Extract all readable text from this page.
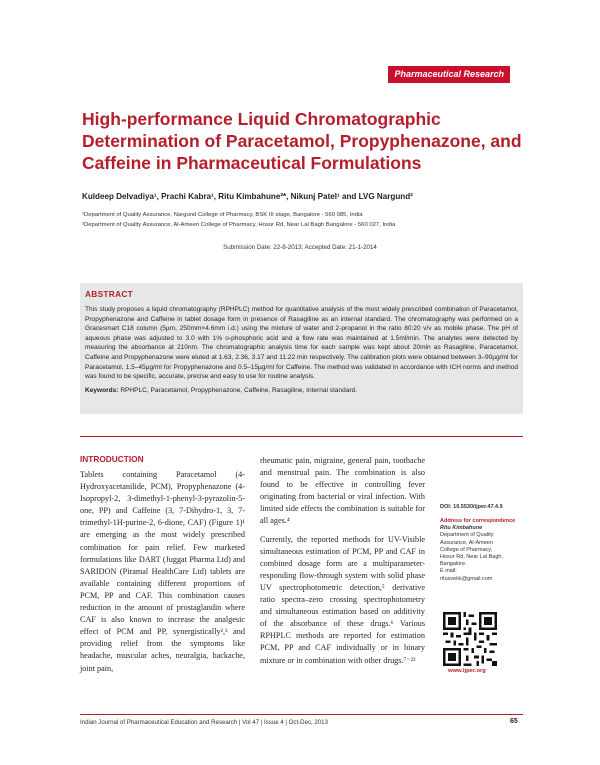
Pharmaceutical Research
High-performance Liquid Chromatographic Determination of Paracetamol, Propyphenazone, and Caffeine in Pharmaceutical Formulations
Kuldeep Delvadiya¹, Prachi Kabra¹, Ritu Kimbahune²*, Nikunj Patel¹ and LVG Nargund²
¹Department of Quality Assurance, Nargund College of Pharmacy, BSK III stage, Bangalore - 560 085, India
²Department of Quality Assurance, Al-Ameen College of Pharmacy, Hosur Rd, Near Lal Bagh Bangalore - 560 027, India
Submission Date: 22-8-2013; Accepted Date: 21-1-2014
ABSTRACT

This study proposes a liquid chromatography (RPHPLC) method for quantitative analysis of the most widely prescribed combination of Paracetamol, Propyphenazone and Caffeine in tablet dosage form in presence of Rasagiline as an internal standard. The chromatography was performed on a Gracesmart C18 column (5µm, 250mm×4.6mm i.d.) using the mixture of water and 2-propanol in the ratio 80:20 v/v as mobile phase. The pH of aqueous phase was adjusted to 3.0 with 1% o-phosphoric acid and a flow rate was maintained at 1.5ml/min. The analytes were detected by measuring the absorbance at 210nm. The chromatographic analysis time for each sample was kept about 20min as Rasagiline, Paracetamol, Caffeine and Propyphenazone were eluted at 1.63, 2.36, 3.17 and 11.22 min respectively. The calibration plots were obtained between 3–90µg/ml for Paracetamol, 1.5–45µg/ml for Propyphenazone and 0.5–15µg/ml for Caffeine. The method was validated in accordance with ICH norms and method was found to be specific, accurate, precise and easy to use for routine analysis.

Keywords: RPHPLC, Paracetamol, Propyphenazone, Caffeine, Rasagiline, Internal standard.

INTRODUCTION
Tablets containing Paracetamol (4-Hydroxyacetanilide, PCM), Propyphenazone (4-Isopropyl-2, 3-dimethyl-1-phenyl-3-pyrazolin-5-one, PP) and Caffeine (3, 7-Dihydro-1, 3, 7-trimethyl-1H-purine-2, 6-dione, CAF) (Figure 1)¹ are emerging as the most widely prescribed combination for pain relief. Few marketed formulations like DART (Juggat Pharma Ltd) and SARIDON (Piramal HealthCare Ltd) tablets are available containing different proportions of PCM, PP and CAF. This combination causes reduction in the amount of prostaglandin where CAF is also known to increase the analgesic effect of PCM and PP, synergistically²,³ and providing relief from the symptoms like headache, muscular aches, neuralgia, backache, joint pain,

rheumatic pain, migraine, general pain, toothache and menstrual pain. The combination is also found to be effective in controlling fever originating from bacterial or viral infection. With limited side effects the combination is suitable for all ages.⁴

Currently, the reported methods for UV-Visible simultaneous estimation of PCM, PP and CAF in combined dosage form are a multiparameter-responding flow-through system with solid phase UV spectrophotometric detection,⁵ derivative ratio spectra–zero crossing spectrophotometry and simultaneous estimation based on additivity of the absorbance of these drugs.⁶ Various RPHPLC methods are reported for estimation PCM, PP and CAF individually or in binary mixture or in combination with other drugs.⁷⁻²²

DOI: 10.5530/ijper.47.4.9
Address for correspondence
Ritu Kimbahune
Department of Quality
Assurance, Al-Ameen
College of Pharmacy,
Hosur Rd, Near Lal Bagh,
Bangalore.
E mail:
ritusvekk@gmail.com
www.ijper.org
Indian Journal of Pharmaceutical Education and Research | Vol 47 | Issue 4 | Oct-Dec, 2013	65
